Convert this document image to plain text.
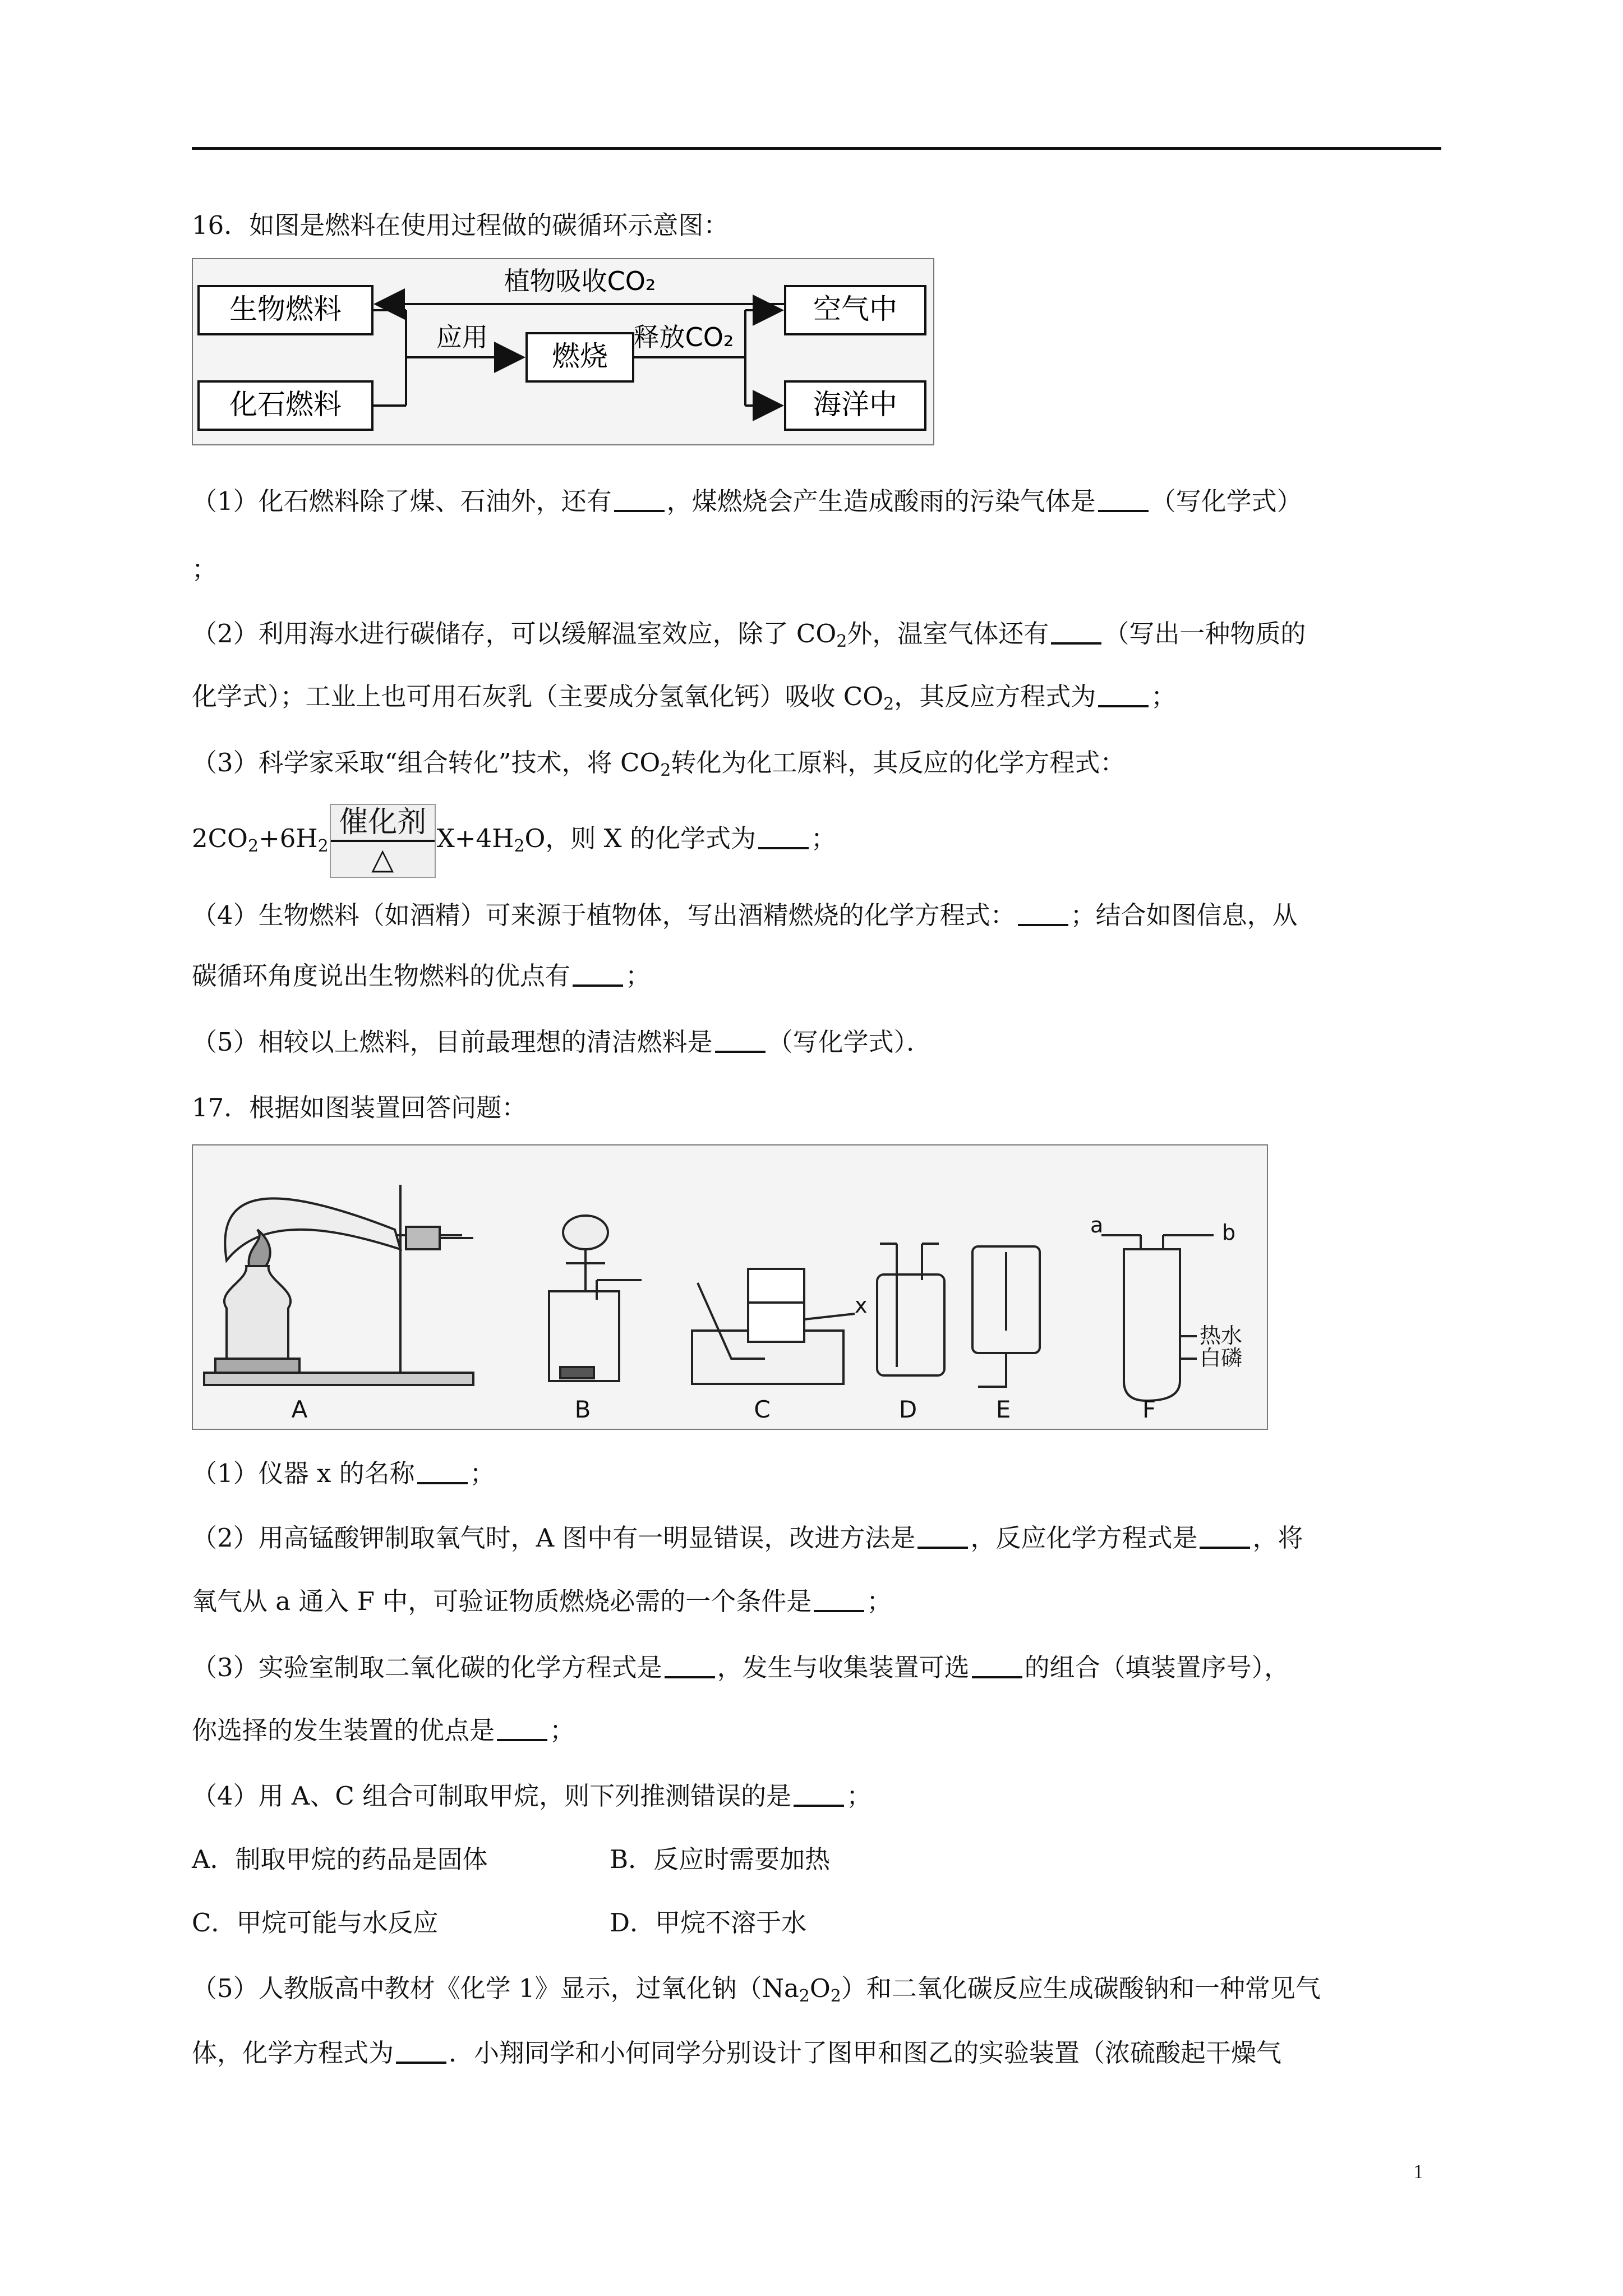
16．如图是燃料在使用过程做的碳循环示意图：
生物燃料
化石燃料
燃烧
空气中
海洋中
植物吸收CO₂
应用	释放CO₂
（1）化石燃料除了煤、石油外，还有 ，煤燃烧会产生造成酸雨的污染气体是 （写化学式）
；
（2）利用海水进行碳储存，可以缓解温室效应，除了 $CO_2$外，温室气体还有 （写出一种物质的
化学式）；工业上也可用石灰乳（主要成分氢氧化钙）吸收 $CO_2$，其反应方程式为 ；
（3）科学家采取“组合转化”技术，将 $CO_2$转化为化工原料，其反应的化学方程式：
$2CO_2+6H_2$
催化剂
△
$X+4H_2O$，则 X 的化学式为 ；
（4）生物燃料（如酒精）可来源于植物体，写出酒精燃烧的化学方程式： ；结合如图信息，从
碳循环角度说出生物燃料的优点有 ；
（5）相较以上燃料，目前最理想的清洁燃料是 （写化学式）．
17．根据如图装置回答问题：
x
a	b
热水
白磷
A	B	C	D	E	F
（1）仪器 x 的名称 ；
（2）用高锰酸钾制取氧气时，A 图中有一明显错误，改进方法是 ，反应化学方程式是 ，将
氧气从 a 通入 F 中，可验证物质燃烧必需的一个条件是 ；
（3）实验室制取二氧化碳的化学方程式是 ，发生与收集装置可选 的组合（填装置序号），
你选择的发生装置的优点是 ；
（4）用 A、C 组合可制取甲烷，则下列推测错误的是 ；
A．制取甲烷的药品是固体	B．反应时需要加热
C．甲烷可能与水反应	D．甲烷不溶于水
（5）人教版高中教材《化学 1》显示，过氧化钠$(Na_2O_2)$和二氧化碳反应生成碳酸钠和一种常见气
体，化学方程式为 ．小翔同学和小何同学分别设计了图甲和图乙的实验装置（浓硫酸起干燥气
1
